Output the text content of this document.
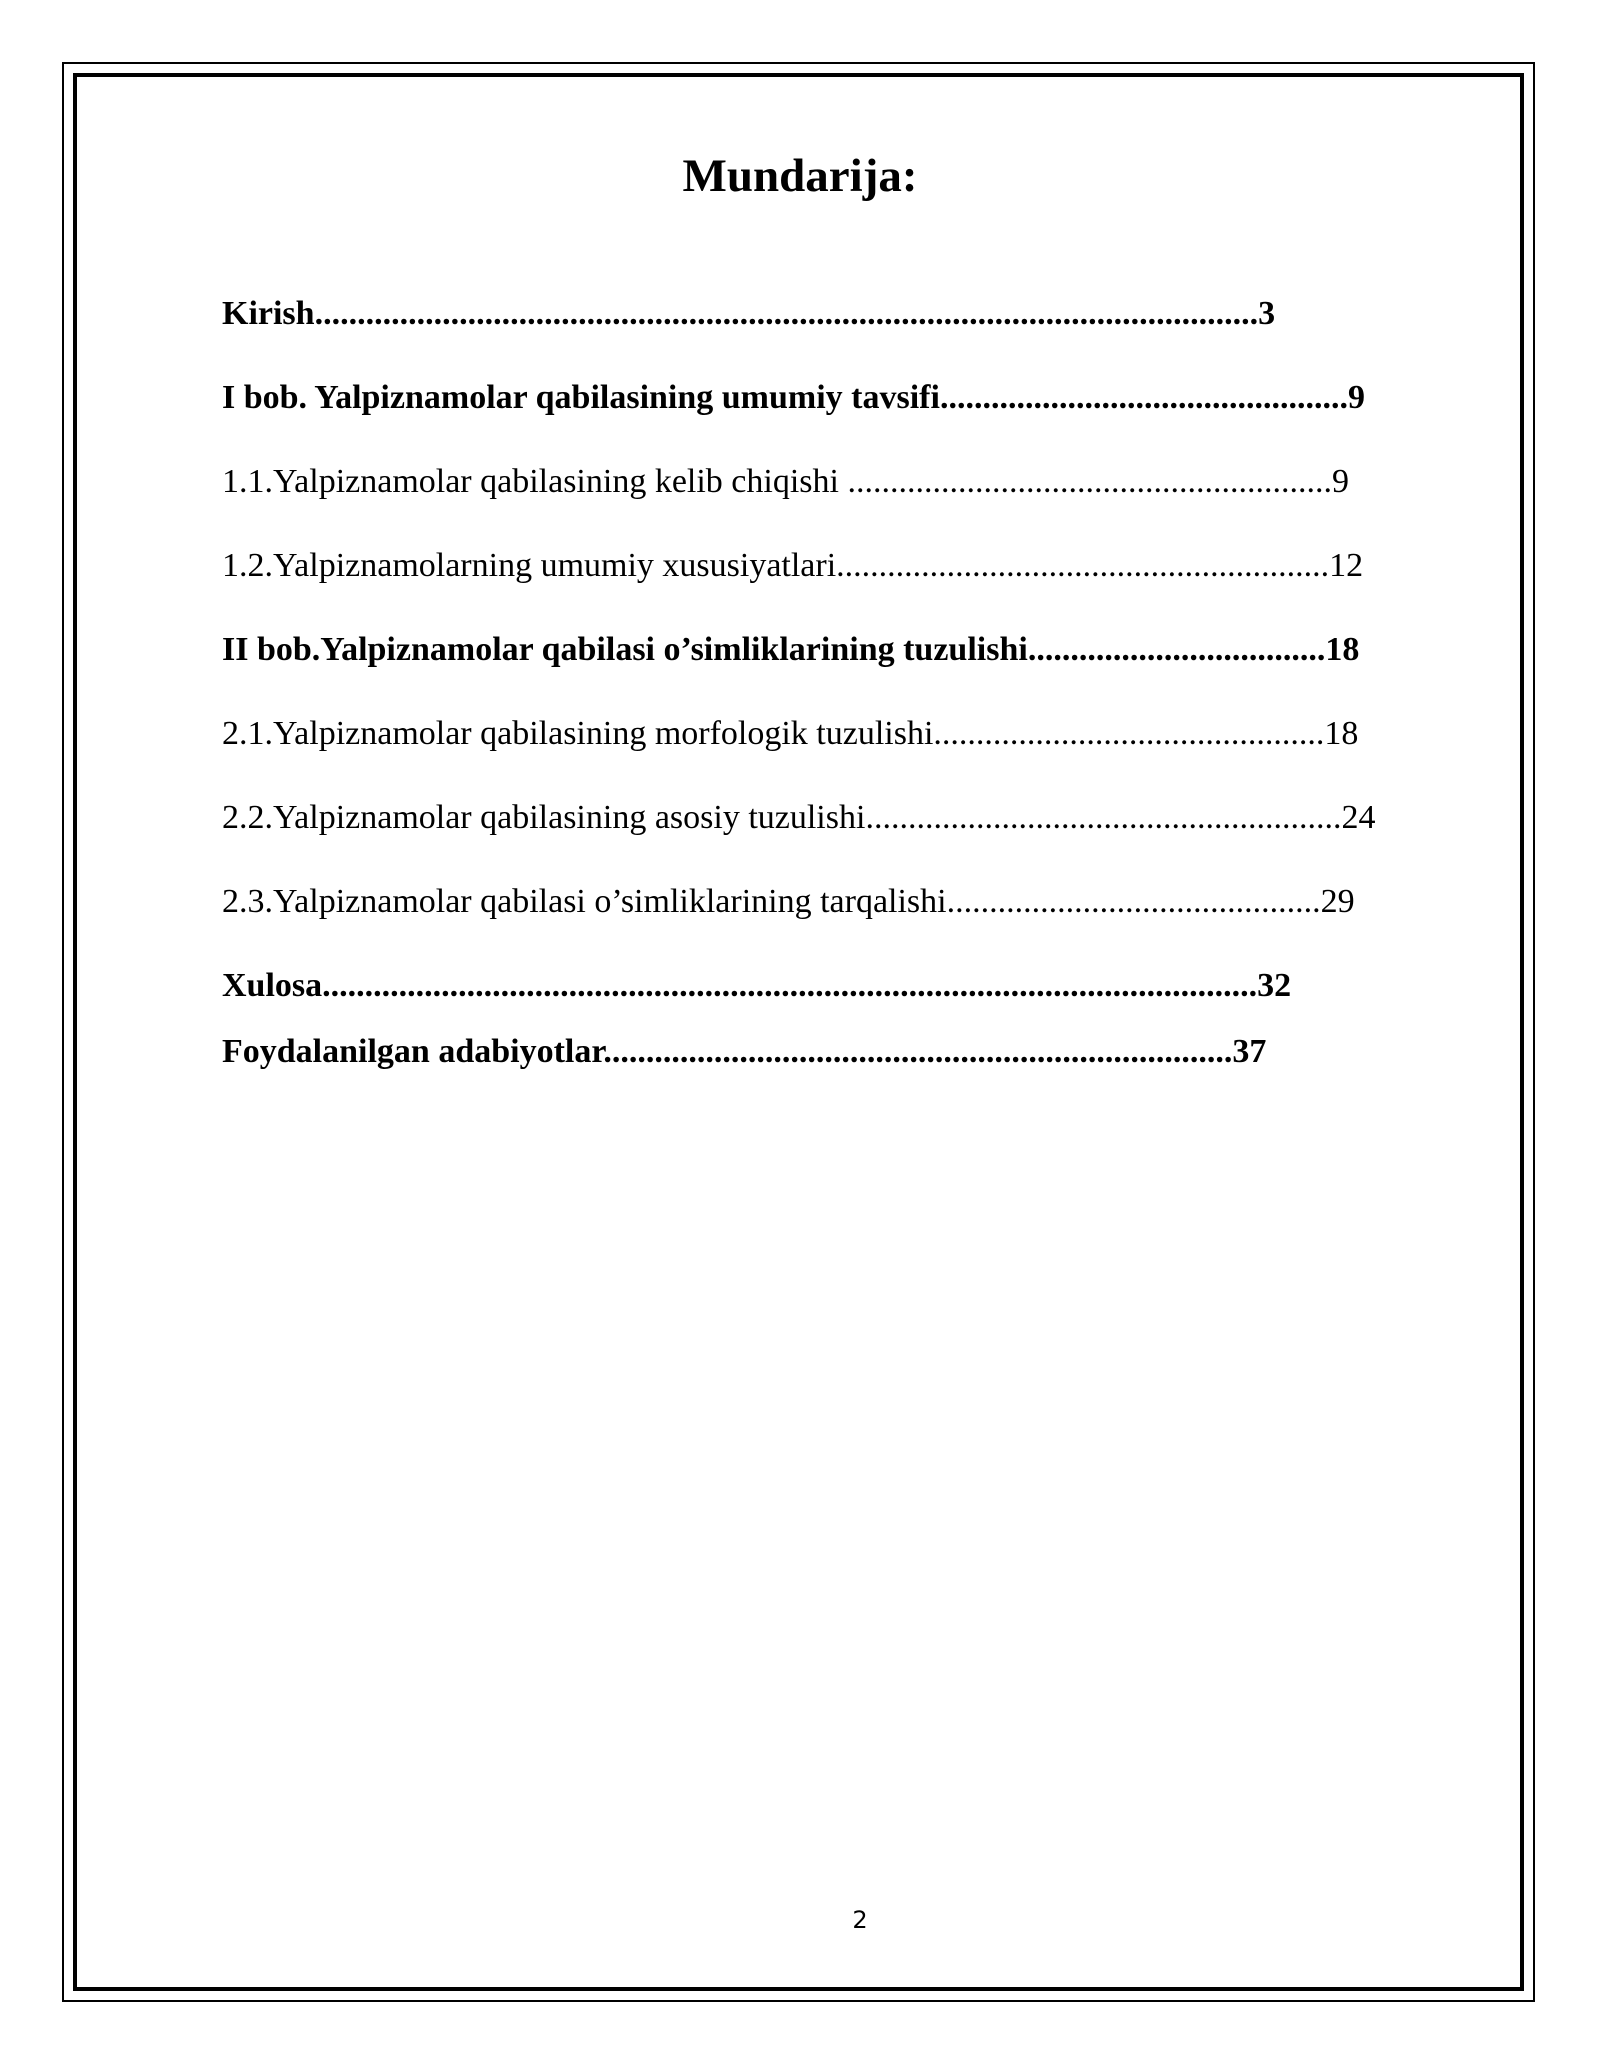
Mundarija:
Kirish...............................................................................................................3
I bob. Yalpiznamolar qabilasining umumiy tavsifi................................................9
1.1.Yalpiznamolar qabilasining kelib chiqishi .........................................................9
1.2.Yalpiznamolarning umumiy xususiyatlari..........................................................12
II bob.Yalpiznamolar qabilasi o’simliklarining tuzulishi...................................18
2.1.Yalpiznamolar qabilasining morfologik tuzulishi..............................................18
2.2.Yalpiznamolar qabilasining asosiy tuzulishi........................................................24
2.3.Yalpiznamolar qabilasi o’simliklarining tarqalishi............................................29
Xulosa..............................................................................................................32
Foydalanilgan adabiyotlar..........................................................................37
2
